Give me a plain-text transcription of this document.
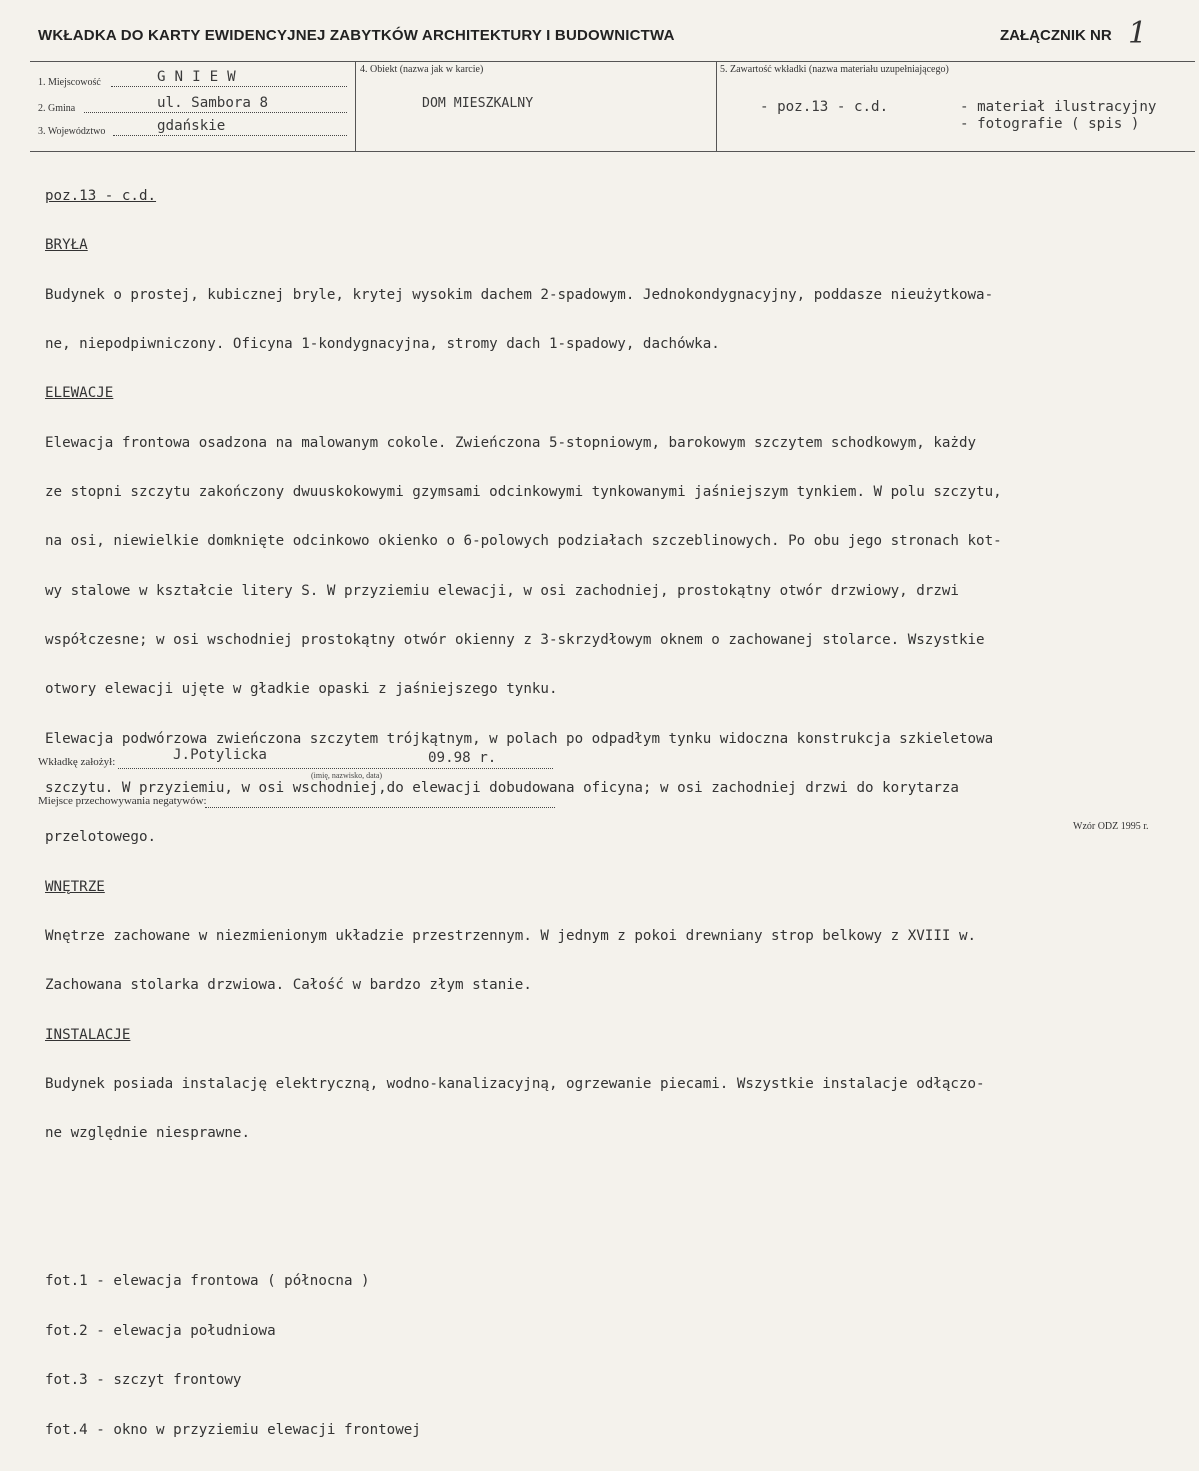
WKŁADKA DO KARTY EWIDENCYJNEJ ZABYTKÓW ARCHITEKTURY I BUDOWNICTWA	ZAŁĄCZNIK NR 1
1. Miejscowość	GNIEW
2. Gmina	ul. Sambora 8
3. Województwo	gdańskie
4. Obiekt (nazwa jak w karcie)
DOM MIESZKALNY
5. Zawartość wkładki (nazwa materiału uzupełniającego)
- poz.13 - c.d.	- materiał ilustracyjny
- fotografie ( spis )

poz.13 - c.d.

BRYŁA

Budynek o prostej, kubicznej bryle, krytej wysokim dachem 2-spadowym. Jednokondygnacyjny, poddasze nieużytkowa-

ne, niepodpiwniczony. Oficyna 1-kondygnacyjna, stromy dach 1-spadowy, dachówka.

ELEWACJE

Elewacja frontowa osadzona na malowanym cokole. Zwieńczona 5-stopniowym, barokowym szczytem schodkowym, każdy

ze stopni szczytu zakończony dwuuskokowymi gzymsami odcinkowymi tynkowanymi jaśniejszym tynkiem. W polu szczytu,

na osi, niewielkie domknięte odcinkowo okienko o 6-polowych podziałach szczeblinowych. Po obu jego stronach kot-

wy stalowe w kształcie litery S. W przyziemiu elewacji, w osi zachodniej, prostokątny otwór drzwiowy, drzwi

współczesne; w osi wschodniej prostokątny otwór okienny z 3-skrzydłowym oknem o zachowanej stolarce. Wszystkie

otwory elewacji ujęte w gładkie opaski z jaśniejszego tynku.

Elewacja podwórzowa zwieńczona szczytem trójkątnym, w polach po odpadłym tynku widoczna konstrukcja szkieletowa

szczytu. W przyziemiu, w osi wschodniej,do elewacji dobudowana oficyna; w osi zachodniej drzwi do korytarza

przelotowego.

WNĘTRZE

Wnętrze zachowane w niezmienionym układzie przestrzennym. W jednym z pokoi drewniany strop belkowy z XVIII w.

Zachowana stolarka drzwiowa. Całość w bardzo złym stanie.

INSTALACJE

Budynek posiada instalację elektryczną, wodno-kanalizacyjną, ogrzewanie piecami. Wszystkie instalacje odłączo-

ne względnie niesprawne.

fot.1 - elewacja frontowa ( północna )

fot.2 - elewacja południowa

fot.3 - szczyt frontowy

fot.4 - okno w przyziemiu elewacji frontowej

Wkładkę założył:	J.Potylicka	09.98 r.
(imię, nazwisko, data)
Miejsce przechowywania negatywów:
Wzór ODZ 1995 r.
